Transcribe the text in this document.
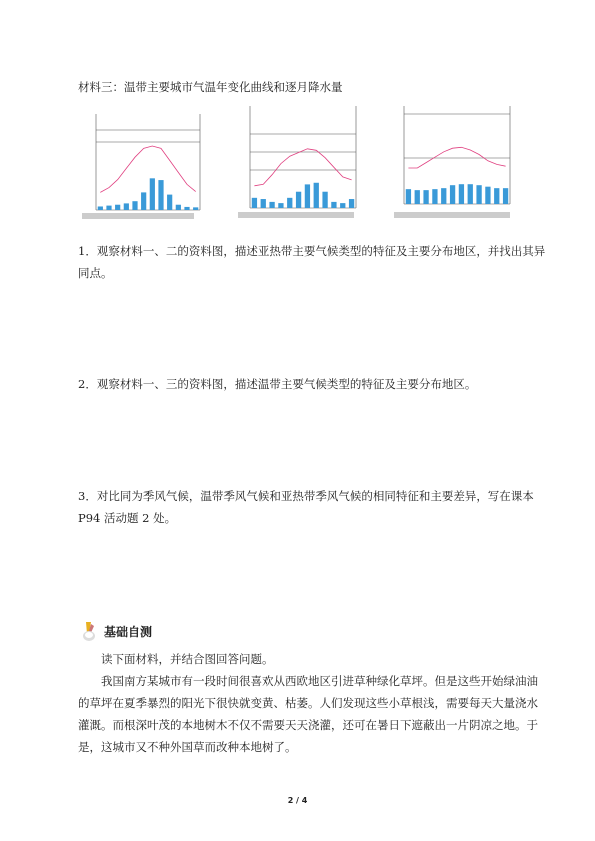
材料三：温带主要城市气温年变化曲线和逐月降水量
1．观察材料一、二的资料图，描述亚热带主要气候类型的特征及主要分布地区，并找出其异同点。
2．观察材料一、三的资料图，描述温带主要气候类型的特征及主要分布地区。
3．对比同为季风气候，温带季风气候和亚热带季风气候的相同特征和主要差异，写在课本 P94 活动题 2 处。
基础自测
读下面材料，并结合图回答问题。
我国南方某城市有一段时间很喜欢从西欧地区引进草种绿化草坪。但是这些开始绿油油的草坪在夏季暴烈的阳光下很快就变黄、枯萎。人们发现这些小草根浅，需要每天大量浇水灌溉。而根深叶茂的本地树木不仅不需要天天浇灌，还可在暑日下遮蔽出一片阴凉之地。于是，这城市又不种外国草而改种本地树了。
2 / 4
